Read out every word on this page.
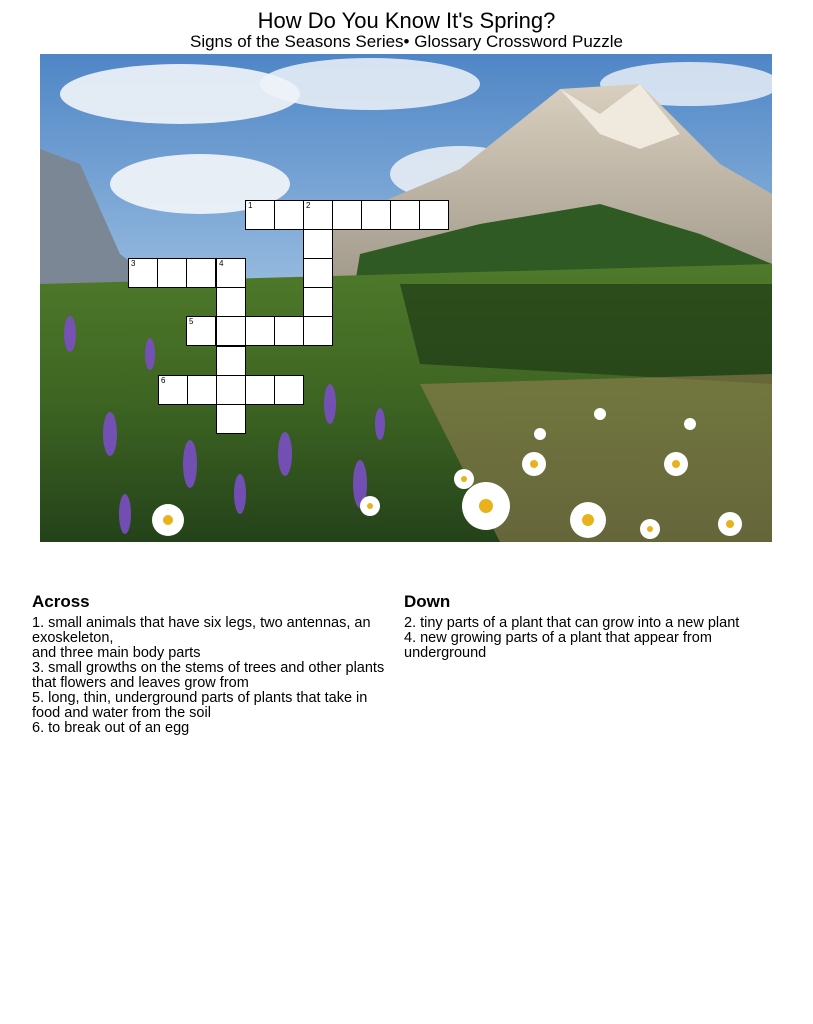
How Do You Know It's Spring?
Signs of the Seasons Series• Glossary Crossword Puzzle
1	2
3	4
5
6
Across

1. small animals that have six legs, two antennas, an exoskeleton,

and three main body parts

3. small growths on the stems of trees and other plants that flowers and leaves grow from

5. long, thin, underground parts of plants that take in food and water from the soil

6. to break out of an egg

Down

2. tiny parts of a plant that can grow into a new plant

4. new growing parts of a plant that appear from underground
